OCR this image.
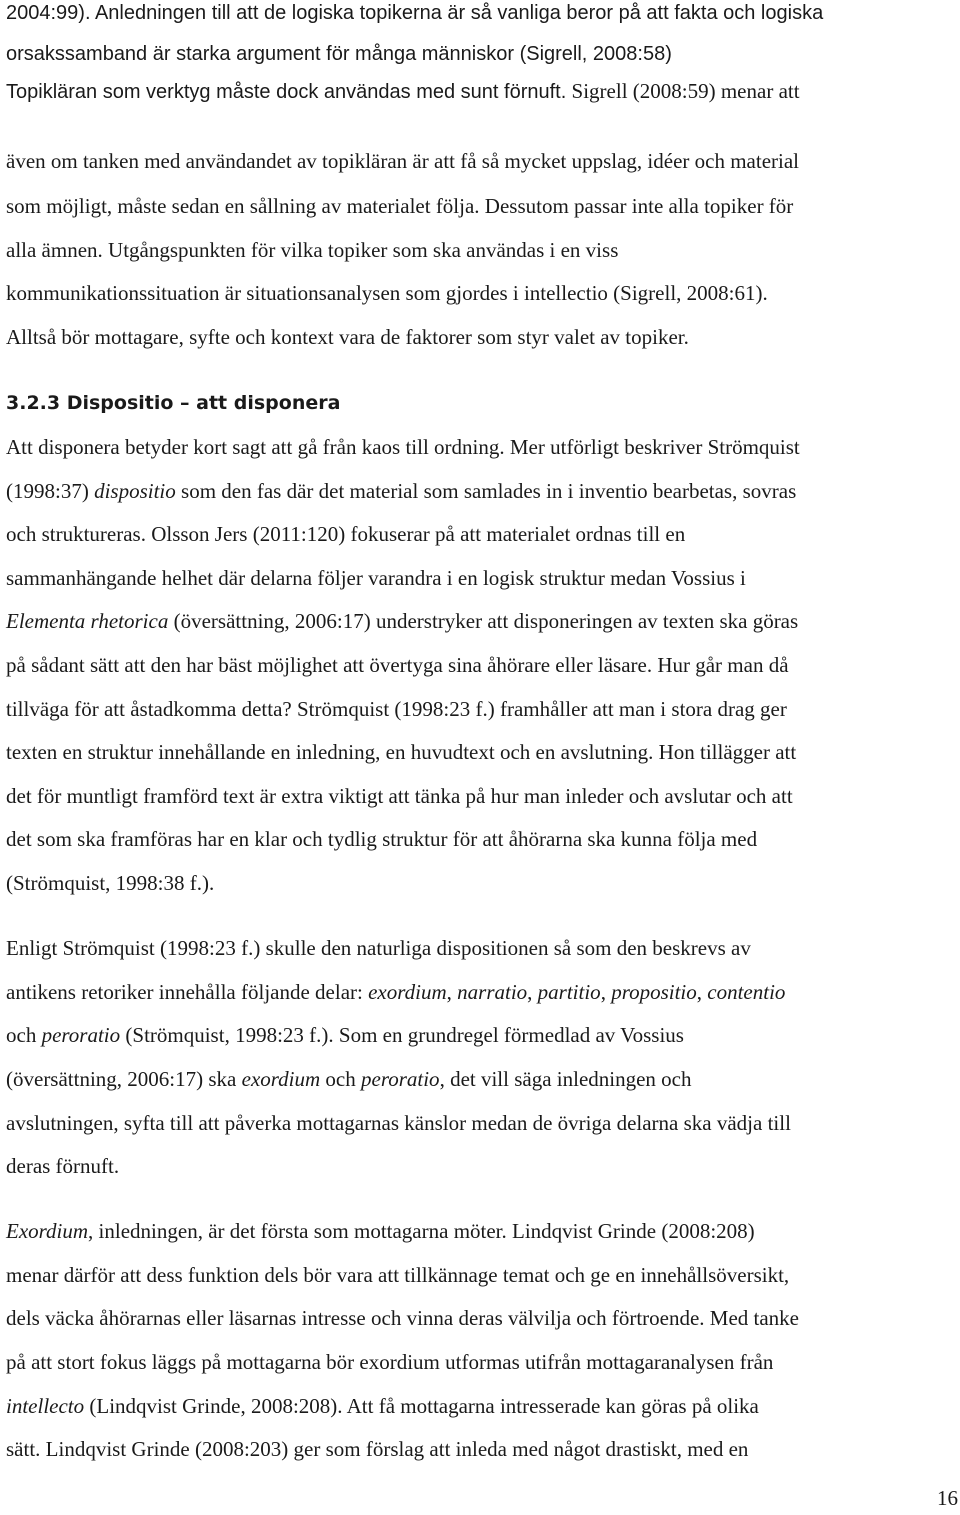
2004:99). Anledningen till att de logiska topikerna är så vanliga beror på att fakta och logiska
orsakssamband är starka argument för många människor (Sigrell, 2008:58)
Topikläran som verktyg måste dock användas med sunt förnuft. Sigrell (2008:59) menar att
även om tanken med användandet av topikläran är att få så mycket uppslag, idéer och material
som möjligt, måste sedan en sållning av materialet följa. Dessutom passar inte alla topiker för
alla ämnen. Utgångspunkten för vilka topiker som ska användas i en viss
kommunikationssituation är situationsanalysen som gjordes i intellectio (Sigrell, 2008:61).
Alltså bör mottagare, syfte och kontext vara de faktorer som styr valet av topiker.
3.2.3 Dispositio – att disponera
Att disponera betyder kort sagt att gå från kaos till ordning. Mer utförligt beskriver Strömquist
(1998:37) dispositio som den fas där det material som samlades in i inventio bearbetas, sovras
och struktureras. Olsson Jers (2011:120) fokuserar på att materialet ordnas till en
sammanhängande helhet där delarna följer varandra i en logisk struktur medan Vossius i
Elementa rhetorica (översättning, 2006:17) understryker att disponeringen av texten ska göras
på sådant sätt att den har bäst möjlighet att övertyga sina åhörare eller läsare. Hur går man då
tillväga för att åstadkomma detta? Strömquist (1998:23 f.) framhåller att man i stora drag ger
texten en struktur innehållande en inledning, en huvudtext och en avslutning. Hon tillägger att
det för muntligt framförd text är extra viktigt att tänka på hur man inleder och avslutar och att
det som ska framföras har en klar och tydlig struktur för att åhörarna ska kunna följa med
(Strömquist, 1998:38 f.).
Enligt Strömquist (1998:23 f.) skulle den naturliga dispositionen så som den beskrevs av
antikens retoriker innehålla följande delar: exordium, narratio, partitio, propositio, contentio
och peroratio (Strömquist, 1998:23 f.). Som en grundregel förmedlad av Vossius
(översättning, 2006:17) ska exordium och peroratio, det vill säga inledningen och
avslutningen, syfta till att påverka mottagarnas känslor medan de övriga delarna ska vädja till
deras förnuft.
Exordium, inledningen, är det första som mottagarna möter. Lindqvist Grinde (2008:208)
menar därför att dess funktion dels bör vara att tillkännage temat och ge en innehållsöversikt,
dels väcka åhörarnas eller läsarnas intresse och vinna deras välvilja och förtroende. Med tanke
på att stort fokus läggs på mottagarna bör exordium utformas utifrån mottagaranalysen från
intellecto (Lindqvist Grinde, 2008:208). Att få mottagarna intresserade kan göras på olika
sätt. Lindqvist Grinde (2008:203) ger som förslag att inleda med något drastiskt, med en
16
